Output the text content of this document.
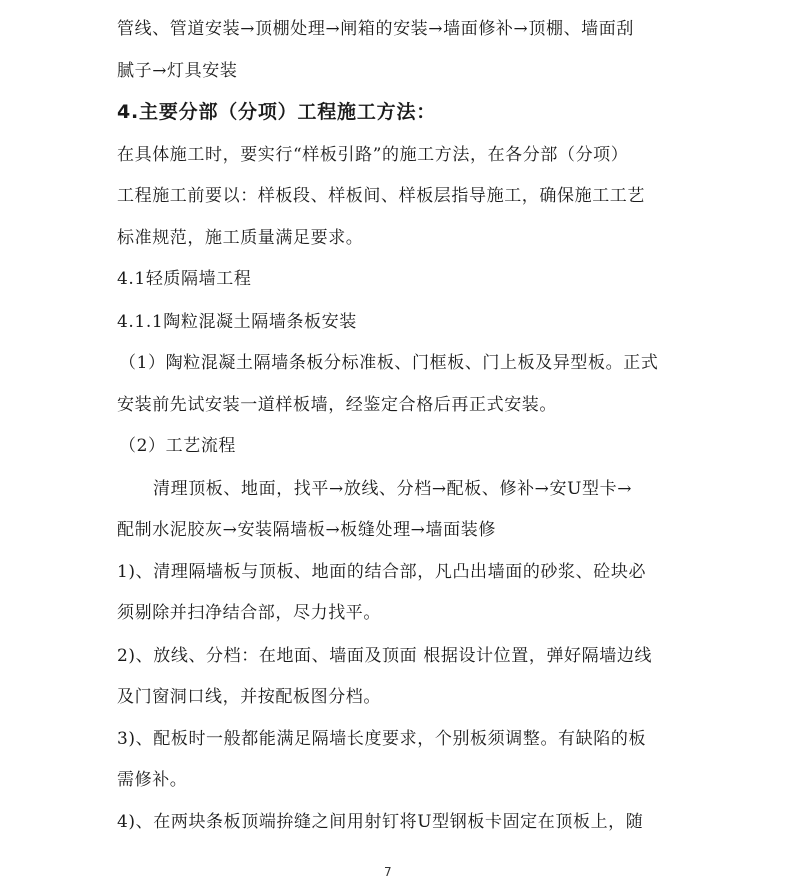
管线、管道安装→顶棚处理→闸箱的安装→墙面修补→顶棚、墙面刮
腻子→灯具安装
4.主要分部（分项）工程施工方法：
在具体施工时，要实行“样板引路”的施工方法，在各分部（分项）
工程施工前要以：样板段、样板间、样板层指导施工，确保施工工艺
标准规范，施工质量满足要求。
4.1轻质隔墙工程
4.1.1陶粒混凝土隔墙条板安装
（1）陶粒混凝土隔墙条板分标准板、门框板、门上板及异型板。正式
安装前先试安装一道样板墙，经鉴定合格后再正式安装。
（2）工艺流程
清理顶板、地面，找平→放线、分档→配板、修补→安U型卡→
配制水泥胶灰→安装隔墙板→板缝处理→墙面装修
1)、清理隔墙板与顶板、地面的结合部，凡凸出墙面的砂浆、砼块必
须剔除并扫净结合部，尽力找平。
2)、放线、分档：在地面、墙面及顶面 根据设计位置，弹好隔墙边线
及门窗洞口线，并按配板图分档。
3)、配板时一般都能满足隔墙长度要求，个别板须调整。有缺陷的板
需修补。
4)、在两块条板顶端拚缝之间用射钉将U型钢板卡固定在顶板上，随
7
